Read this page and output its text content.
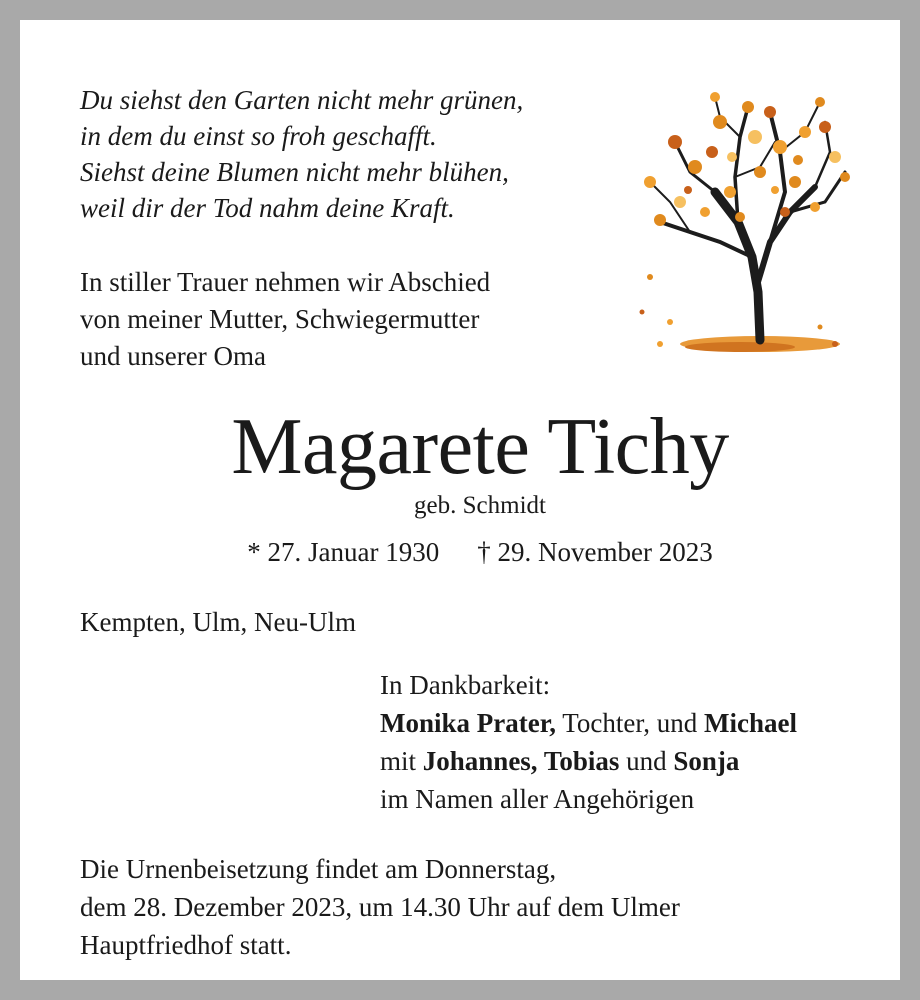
Du siehst den Garten nicht mehr grünen,
in dem du einst so froh geschafft.
Siehst deine Blumen nicht mehr blühen,
weil dir der Tod nahm deine Kraft.
In stiller Trauer nehmen wir Abschied
von meiner Mutter, Schwiegermutter
und unserer Oma
Magarete Tichy
geb. Schmidt
* 27. Januar 1930 † 29. November 2023
Kempten, Ulm, Neu-Ulm
In Dankbarkeit:
Monika Prater, Tochter, und Michael
mit Johannes, Tobias und Sonja
im Namen aller Angehörigen
Die Urnenbeisetzung findet am Donnerstag,
dem 28. Dezember 2023, um 14.30 Uhr auf dem Ulmer
Hauptfriedhof statt.
